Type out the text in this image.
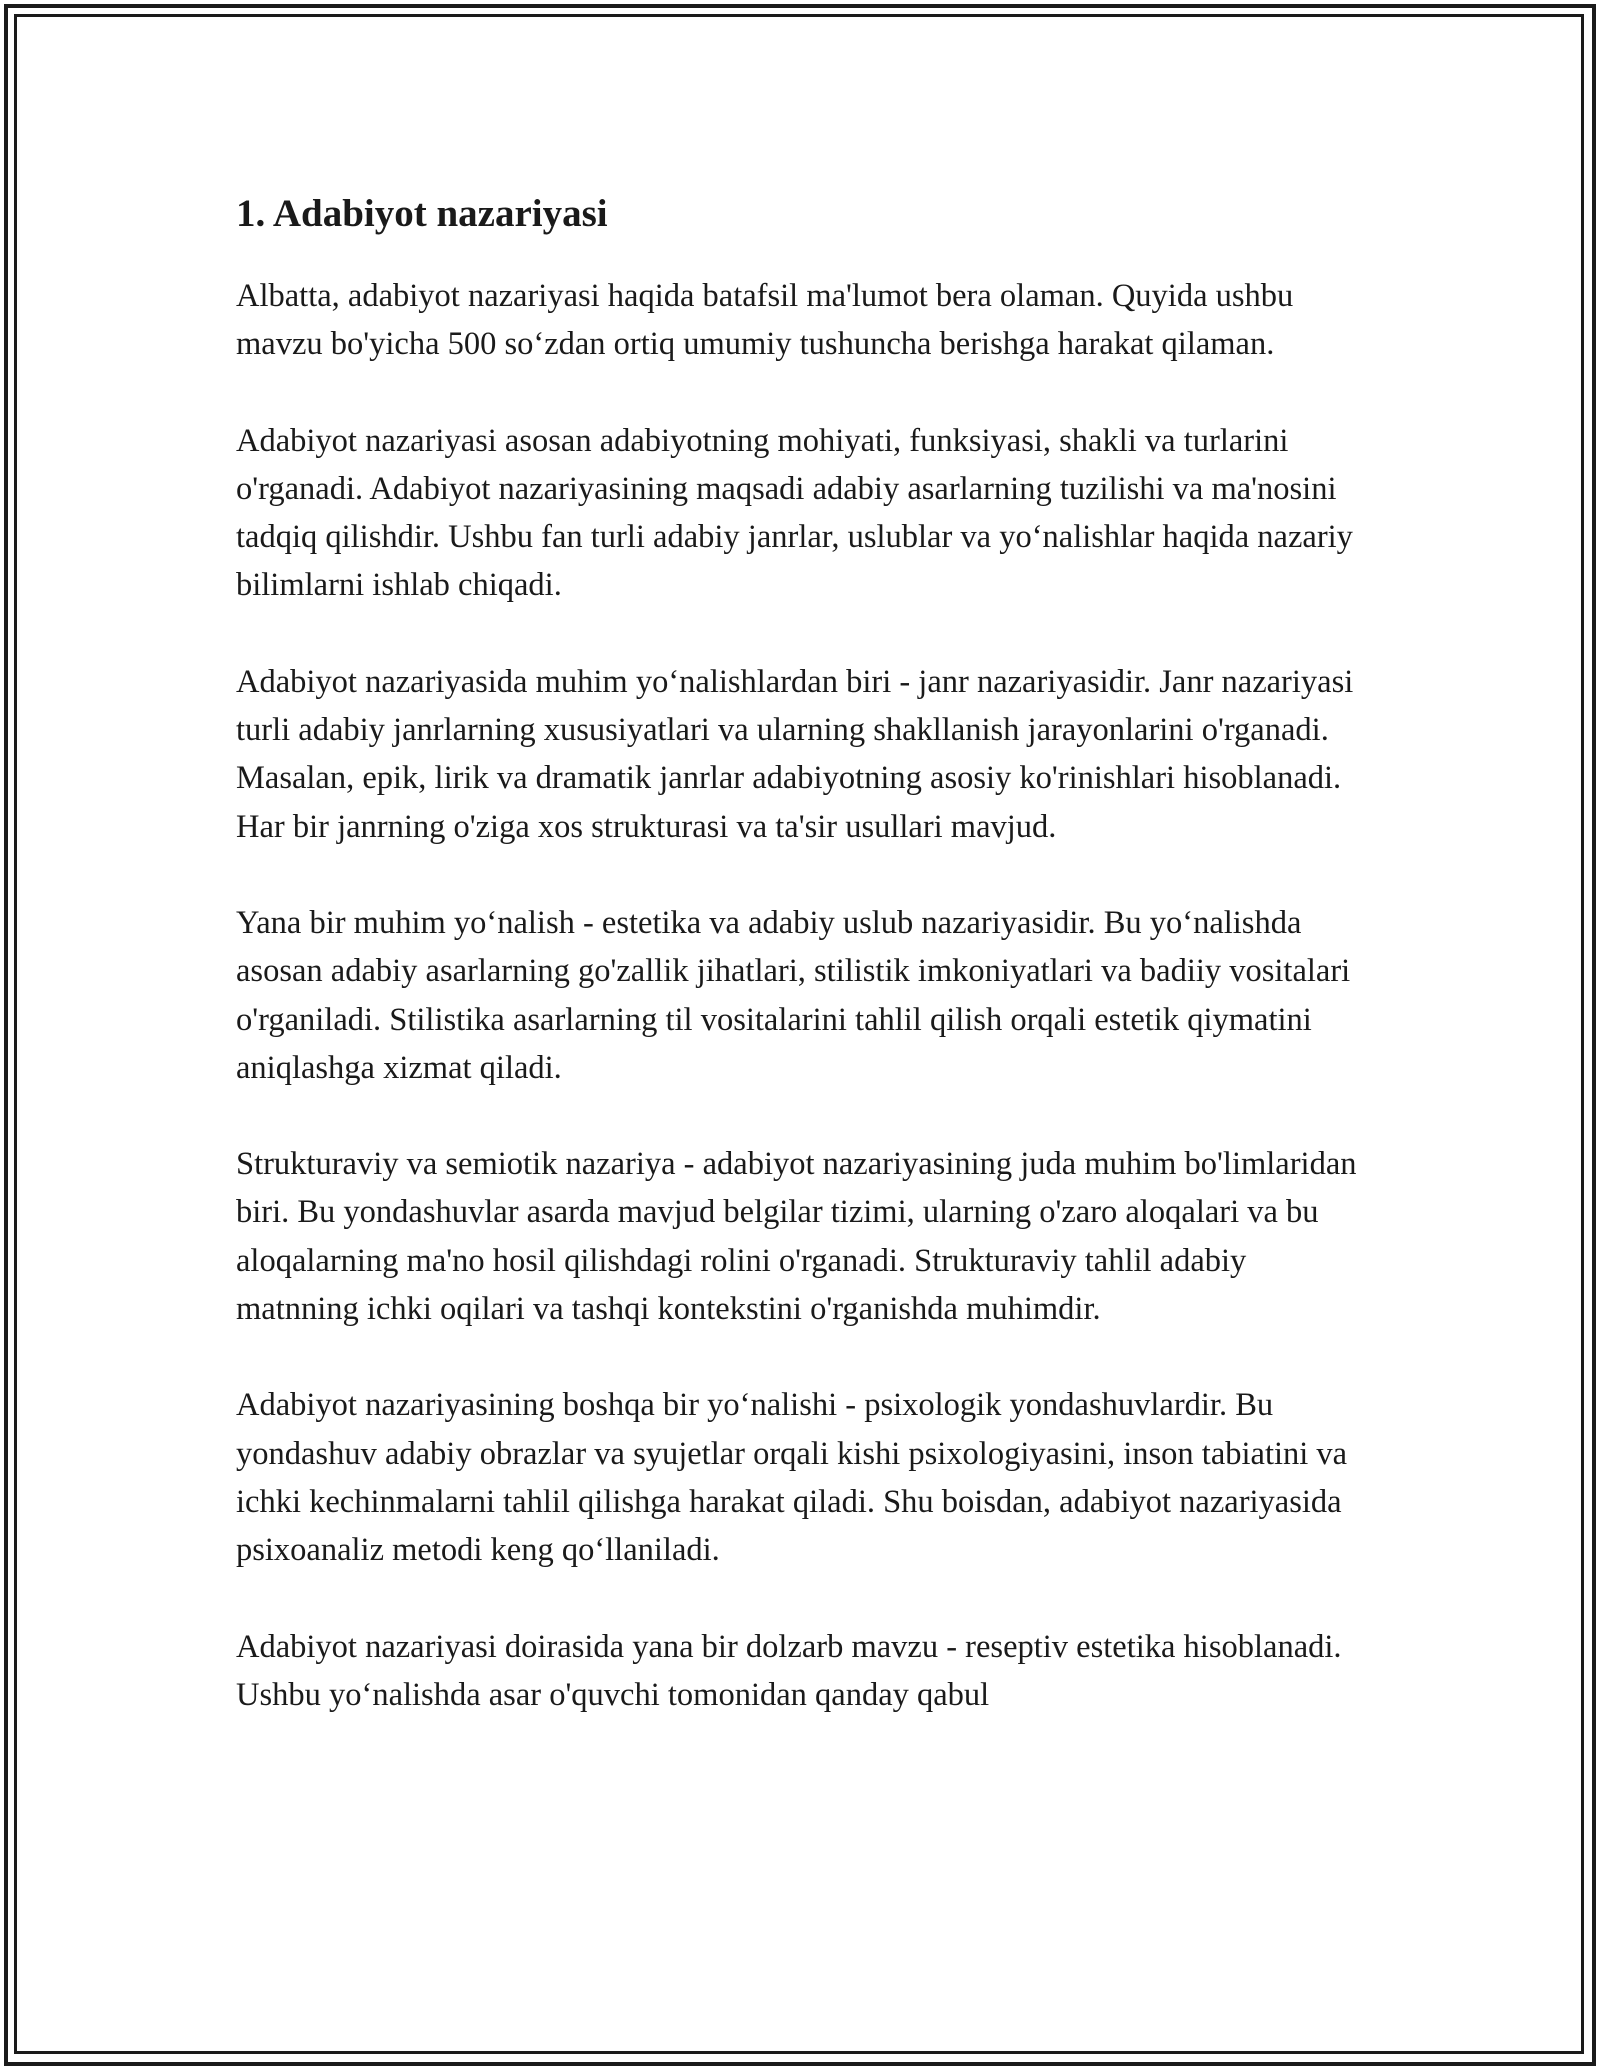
1. Adabiyot nazariyasi

Albatta, adabiyot nazariyasi haqida batafsil ma'lumot bera olaman. Quyida ushbu mavzu bo'yicha 500 so‘zdan ortiq umumiy tushuncha berishga harakat qilaman.

Adabiyot nazariyasi asosan adabiyotning mohiyati, funksiyasi, shakli va turlarini o'rganadi. Adabiyot nazariyasining maqsadi adabiy asarlarning tuzilishi va ma'nosini tadqiq qilishdir. Ushbu fan turli adabiy janrlar, uslublar va yo‘nalishlar haqida nazariy bilimlarni ishlab chiqadi.

Adabiyot nazariyasida muhim yo‘nalishlardan biri - janr nazariyasidir. Janr nazariyasi turli adabiy janrlarning xususiyatlari va ularning shakllanish jarayonlarini o'rganadi. Masalan, epik, lirik va dramatik janrlar adabiyotning asosiy ko'rinishlari hisoblanadi. Har bir janrning o'ziga xos strukturasi va ta'sir usullari mavjud.

Yana bir muhim yo‘nalish - estetika va adabiy uslub nazariyasidir. Bu yo‘nalishda asosan adabiy asarlarning go'zallik jihatlari, stilistik imkoniyatlari va badiiy vositalari o'rganiladi. Stilistika asarlarning til vositalarini tahlil qilish orqali estetik qiymatini aniqlashga xizmat qiladi.

Strukturaviy va semiotik nazariya - adabiyot nazariyasining juda muhim bo'limlaridan biri. Bu yondashuvlar asarda mavjud belgilar tizimi, ularning o'zaro aloqalari va bu aloqalarning ma'no hosil qilishdagi rolini o'rganadi. Strukturaviy tahlil adabiy matnning ichki oqilari va tashqi kontekstini o'rganishda muhimdir.

Adabiyot nazariyasining boshqa bir yo‘nalishi - psixologik yondashuvlardir. Bu yondashuv adabiy obrazlar va syujetlar orqali kishi psixologiyasini, inson tabiatini va ichki kechinmalarni tahlil qilishga harakat qiladi. Shu boisdan, adabiyot nazariyasida psixoanaliz metodi keng qo‘llaniladi.

Adabiyot nazariyasi doirasida yana bir dolzarb mavzu - reseptiv estetika hisoblanadi. Ushbu yo‘nalishda asar o'quvchi tomonidan qanday qabul
